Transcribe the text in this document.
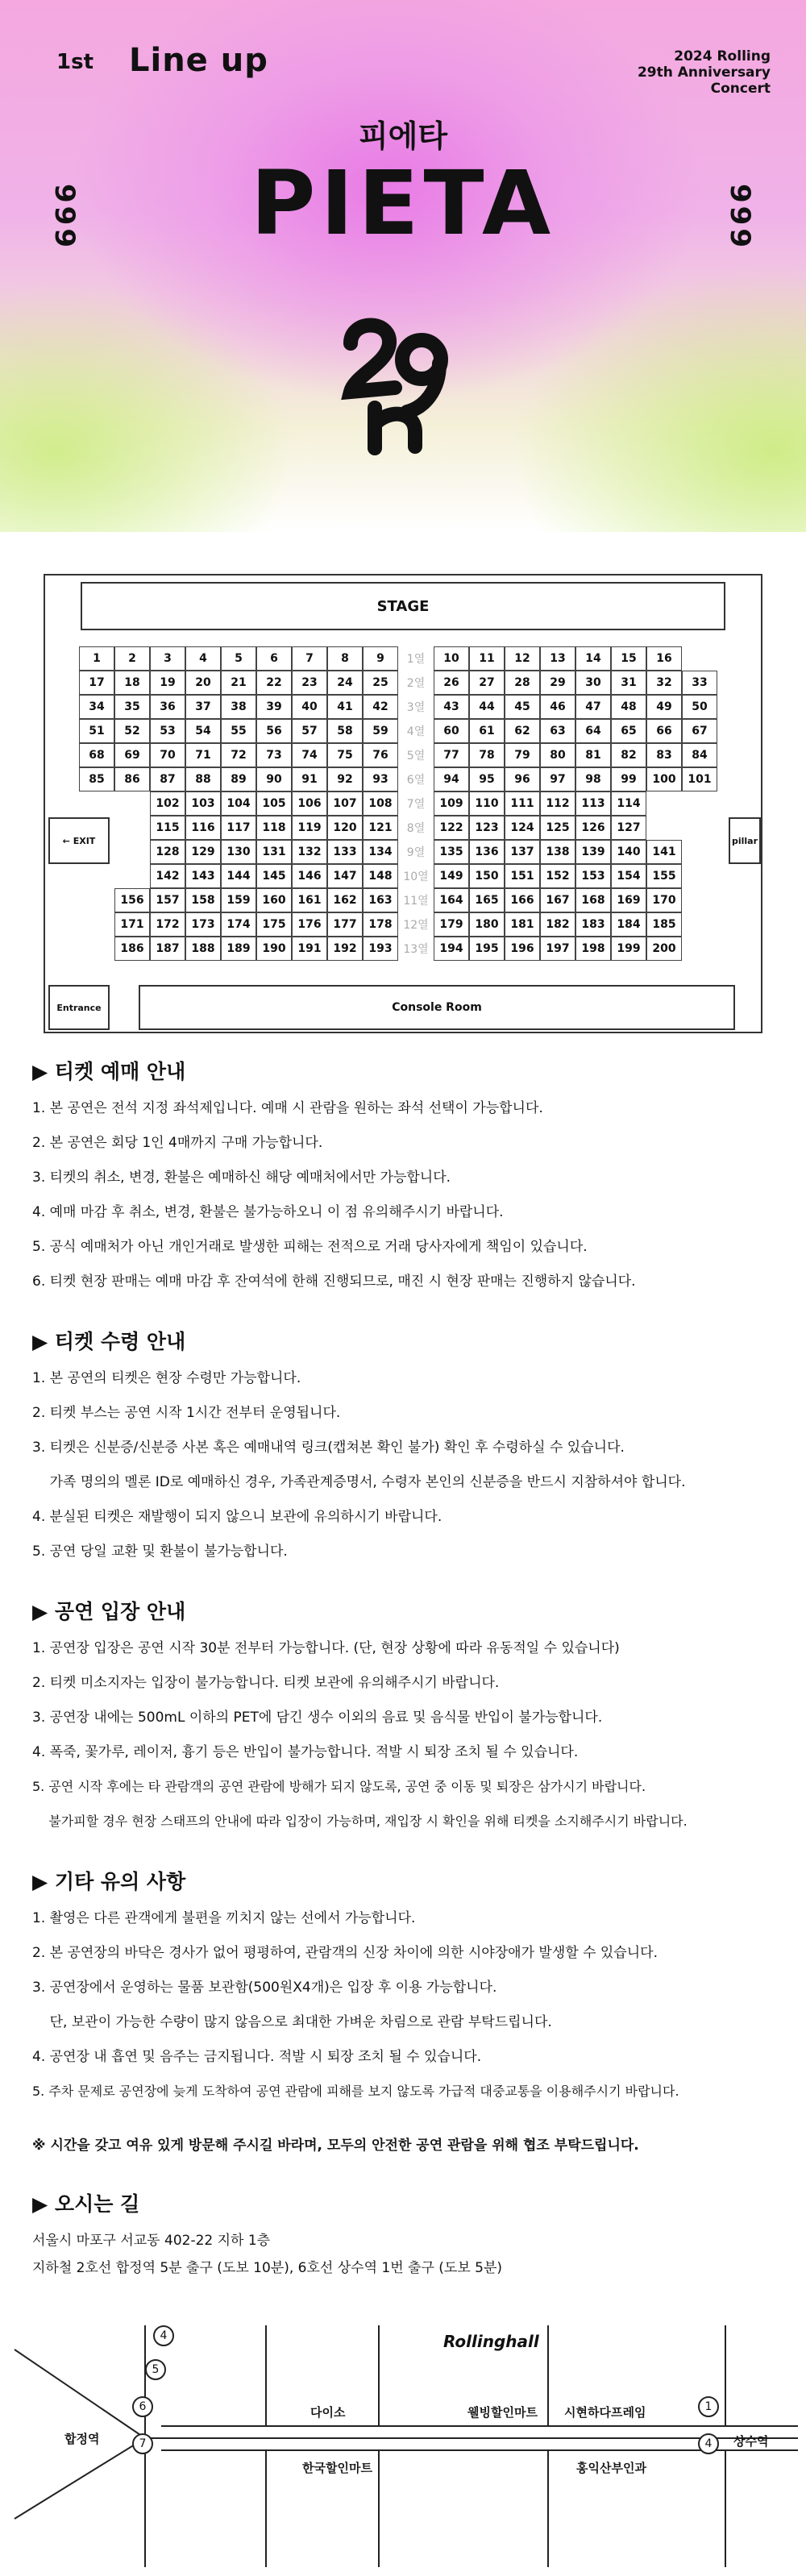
1st Line up	2024 Rolling
29th Anniversary
Concert
피에타
PIETA
999	999
STAGE
1	2	3	4	5	6	7	8	9	1열	10	11	12	13	14	15	16
17	18	19	20	21	22	23	24	25	2열	26	27	28	29	30	31	32	33
34	35	36	37	38	39	40	41	42	3열	43	44	45	46	47	48	49	50
51	52	53	54	55	56	57	58	59	4열	60	61	62	63	64	65	66	67
68	69	70	71	72	73	74	75	76	5열	77	78	79	80	81	82	83	84
85	86	87	88	89	90	91	92	93	6열	94	95	96	97	98	99	100	101
102	103	104	105	106	107	108	7열	109	110	111	112	113	114
115	116	117	118	119	120	121	8열	122	123	124	125	126	127
128	129	130	131	132	133	134	9열	135	136	137	138	139	140	141
142	143	144	145	146	147	148 10열 149	150	151	152	153	154	155
156	157	158	159	160	161	162	163 11열 164	165	166	167	168	169	170
171	172	173	174	175	176	177	178 12열 179	180	181	182	183	184	185
186	187	188	189	190	191	192	193 13열 194	195	196	197	198	199	200
← EXIT	pillar
Entrance	Console Room
▶ 티켓 예매 안내
1. 본 공연은 전석 지정 좌석제입니다. 예매 시 관람을 원하는 좌석 선택이 가능합니다.
2. 본 공연은 회당 1인 4매까지 구매 가능합니다.
3. 티켓의 취소, 변경, 환불은 예매하신 해당 예매처에서만 가능합니다.
4. 예매 마감 후 취소, 변경, 환불은 불가능하오니 이 점 유의해주시기 바랍니다.
5. 공식 예매처가 아닌 개인거래로 발생한 피해는 전적으로 거래 당사자에게 책임이 있습니다.
6. 티켓 현장 판매는 예매 마감 후 잔여석에 한해 진행되므로, 매진 시 현장 판매는 진행하지 않습니다.
▶ 티켓 수령 안내
1. 본 공연의 티켓은 현장 수령만 가능합니다.
2. 티켓 부스는 공연 시작 1시간 전부터 운영됩니다.
3. 티켓은 신분증/신분증 사본 혹은 예매내역 링크(캡쳐본 확인 불가) 확인 후 수령하실 수 있습니다.
가족 명의의 멜론 ID로 예매하신 경우, 가족관계증명서, 수령자 본인의 신분증을 반드시 지참하셔야 합니다.
4. 분실된 티켓은 재발행이 되지 않으니 보관에 유의하시기 바랍니다.
5. 공연 당일 교환 및 환불이 불가능합니다.
▶ 공연 입장 안내
1. 공연장 입장은 공연 시작 30분 전부터 가능합니다. (단, 현장 상황에 따라 유동적일 수 있습니다)
2. 티켓 미소지자는 입장이 불가능합니다. 티켓 보관에 유의해주시기 바랍니다.
3. 공연장 내에는 500mL 이하의 PET에 담긴 생수 이외의 음료 및 음식물 반입이 불가능합니다.
4. 폭죽, 꽃가루, 레이저, 흉기 등은 반입이 불가능합니다. 적발 시 퇴장 조치 될 수 있습니다.
5. 공연 시작 후에는 타 관람객의 공연 관람에 방해가 되지 않도록, 공연 중 이동 및 퇴장은 삼가시기 바랍니다.
불가피할 경우 현장 스태프의 안내에 따라 입장이 가능하며, 재입장 시 확인을 위해 티켓을 소지해주시기 바랍니다.
▶ 기타 유의 사항
1. 촬영은 다른 관객에게 불편을 끼치지 않는 선에서 가능합니다.
2. 본 공연장의 바닥은 경사가 없어 평평하여, 관람객의 신장 차이에 의한 시야장애가 발생할 수 있습니다.
3. 공연장에서 운영하는 물품 보관함(500원X4개)은 입장 후 이용 가능합니다.
단, 보관이 가능한 수량이 많지 않음으로 최대한 가벼운 차림으로 관람 부탁드립니다.
4. 공연장 내 흡연 및 음주는 금지됩니다. 적발 시 퇴장 조치 될 수 있습니다.
5. 주차 문제로 공연장에 늦게 도착하여 공연 관람에 피해를 보지 않도록 가급적 대중교통을 이용해주시기 바랍니다.
※ 시간을 갖고 여유 있게 방문해 주시길 바라며, 모두의 안전한 공연 관람을 위해 협조 부탁드립니다.
▶ 오시는 길
서울시 마포구 서교동 402-22 지하 1층
지하철 2호선 합정역 5분 출구 (도보 10분), 6호선 상수역 1번 출구 (도보 5분)
Rollinghall
합정역	상수역
다이소
한국할인마트
웰빙할인마트 시현하다프레임
홍익산부인과
4
5
6
7
1
4
